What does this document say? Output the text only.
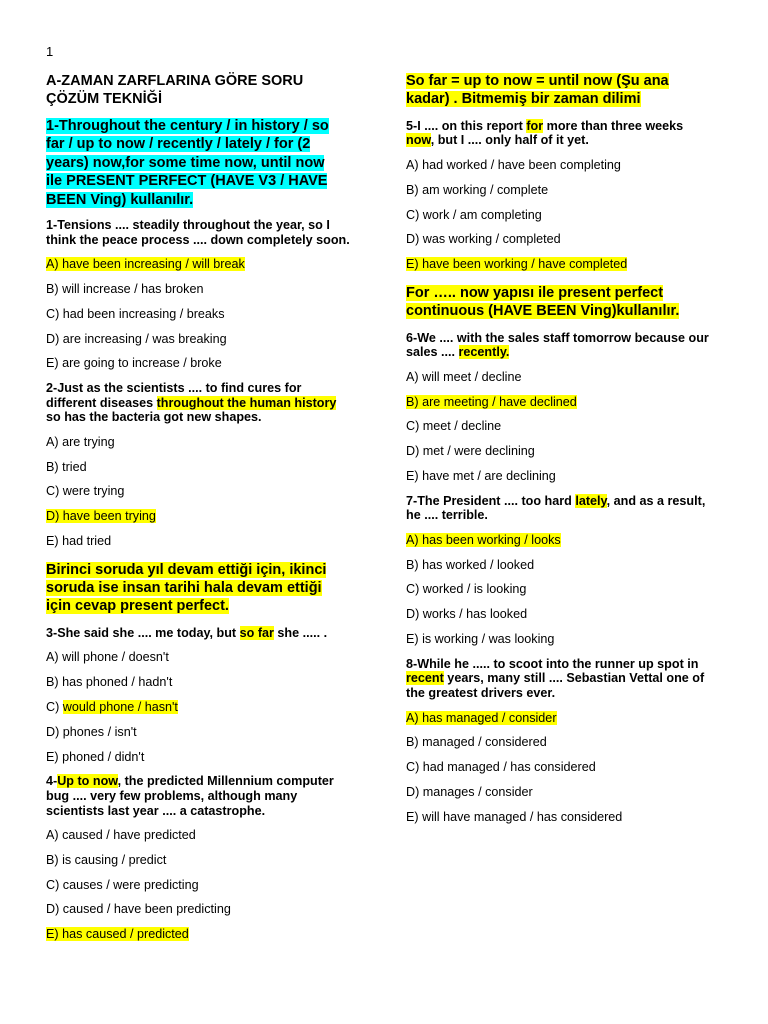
1
A-ZAMAN ZARFLARINA GÖRE SORU
ÇÖZÜM TEKNİĞİ
1-Throughout the century / in history / so
far / up to now / recently / lately / for (2
years) now,for some time now, until now
ile PRESENT PERFECT (HAVE V3 / HAVE
BEEN Ving) kullanılır.
1-Tensions .... steadily throughout the year, so I
think the peace process .... down completely soon.
A) have been increasing / will break
B) will increase / has broken
C) had been increasing / breaks
D) are increasing / was breaking
E) are going to increase / broke
2-Just as the scientists .... to find cures for
different diseases throughout the human history
so has the bacteria got new shapes.
A) are trying
B) tried
C) were trying
D) have been trying
E) had tried
Birinci soruda yıl devam ettiği için, ikinci
soruda ise insan tarihi hala devam ettiği
için cevap present perfect.
3-She said she .... me today, but so far she ..... .
A) will phone / doesn't
B) has phoned / hadn't
C) would phone / hasn't
D) phones / isn't
E) phoned / didn't
4-Up to now, the predicted Millennium computer
bug .... very few problems, although many
scientists last year .... a catastrophe.
A) caused / have predicted
B) is causing / predict
C) causes / were predicting
D) caused / have been predicting
E) has caused / predicted
So far = up to now = until now (Şu ana
kadar) . Bitmemiş bir zaman dilimi
5-I .... on this report for more than three weeks
now, but I .... only half of it yet.
A) had worked / have been completing
B) am working / complete
C) work / am completing
D) was working / completed
E) have been working / have completed
For ….. now yapısı ile present perfect
continuous (HAVE BEEN Ving)kullanılır.
6-We .... with the sales staff tomorrow because our
sales .... recently.
A) will meet / decline
B) are meeting / have declined
C) meet / decline
D) met / were declining
E) have met / are declining
7-The President .... too hard lately, and as a result,
he .... terrible.
A) has been working / looks
B) has worked / looked
C) worked / is looking
D) works / has looked
E) is working / was looking
8-While he ..... to scoot into the runner up spot in
recent years, many still .... Sebastian Vettal one of
the greatest drivers ever.
A) has managed / consider
B) managed / considered
C) had managed / has considered
D) manages / consider
E) will have managed / has considered
